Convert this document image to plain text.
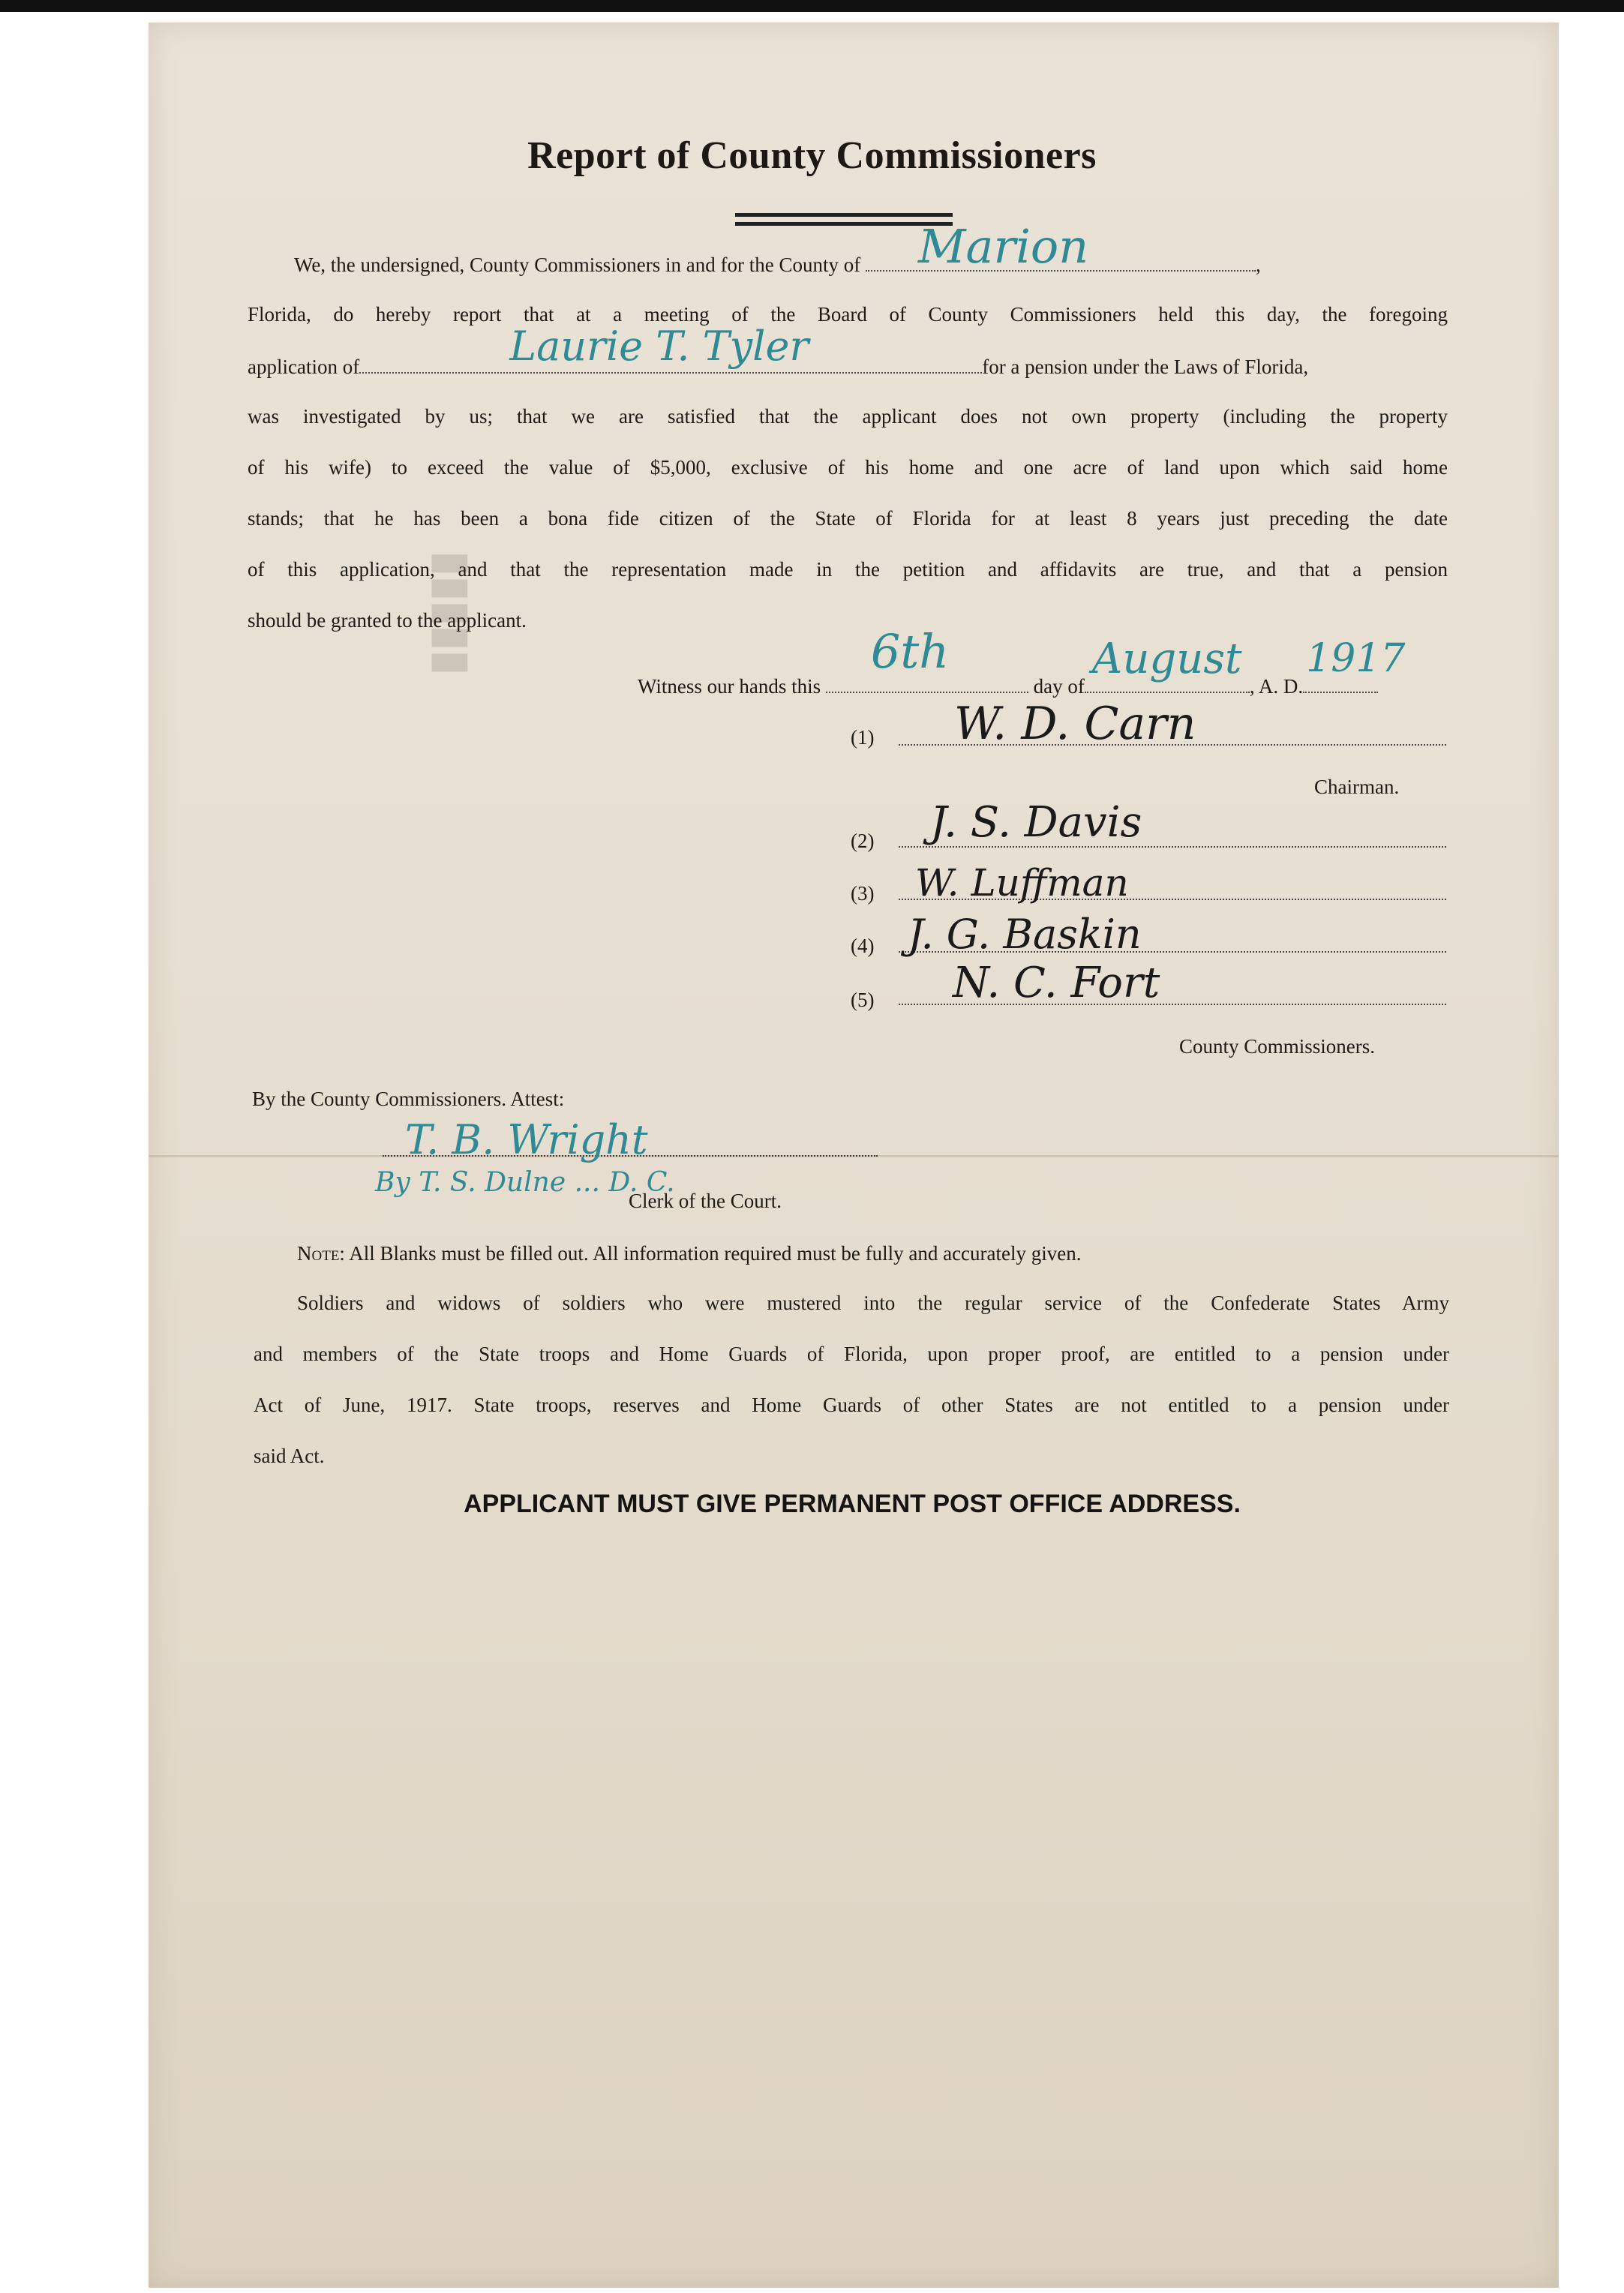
▮▮▮▮▮
Report of County Commissioners
We, the undersigned, County Commissioners in and for the County of Marion	,
Florida, do hereby report that at a meeting of the Board of County Commissioners held this day, the foregoing
application of	Laurie T. Tyler	for a pension under the Laws of Florida,
was investigated by us; that we are satisfied that the applicant does not own property (including the property
of his wife) to exceed the value of $5,000, exclusive of his home and one acre of land upon which said home
stands; that he has been a bona fide citizen of the State of Florida for at least 8 years just preceding the date
of this application, and that the representation made in the petition and affidavits are true, and that a pension
should be granted to the applicant.
Witness our hands this
6th
day of
August
, A. D.
1917
(1) W. D. Carn
Chairman.
(2) J. S. Davis
(3) W. Luffman
(4) J. G. Baskin
(5) N. C. Fort
County Commissioners.
By the County Commissioners. Attest:
T. B. Wright
By T. S. Dulne ... D. C.
Clerk of the Court.
Note: All Blanks must be filled out. All information required must be fully and accurately given.
Soldiers and widows of soldiers who were mustered into the regular service of the Confederate States Army
and members of the State troops and Home Guards of Florida, upon proper proof, are entitled to a pension under
Act of June, 1917. State troops, reserves and Home Guards of other States are not entitled to a pension under
said Act.
APPLICANT MUST GIVE PERMANENT POST OFFICE ADDRESS.
